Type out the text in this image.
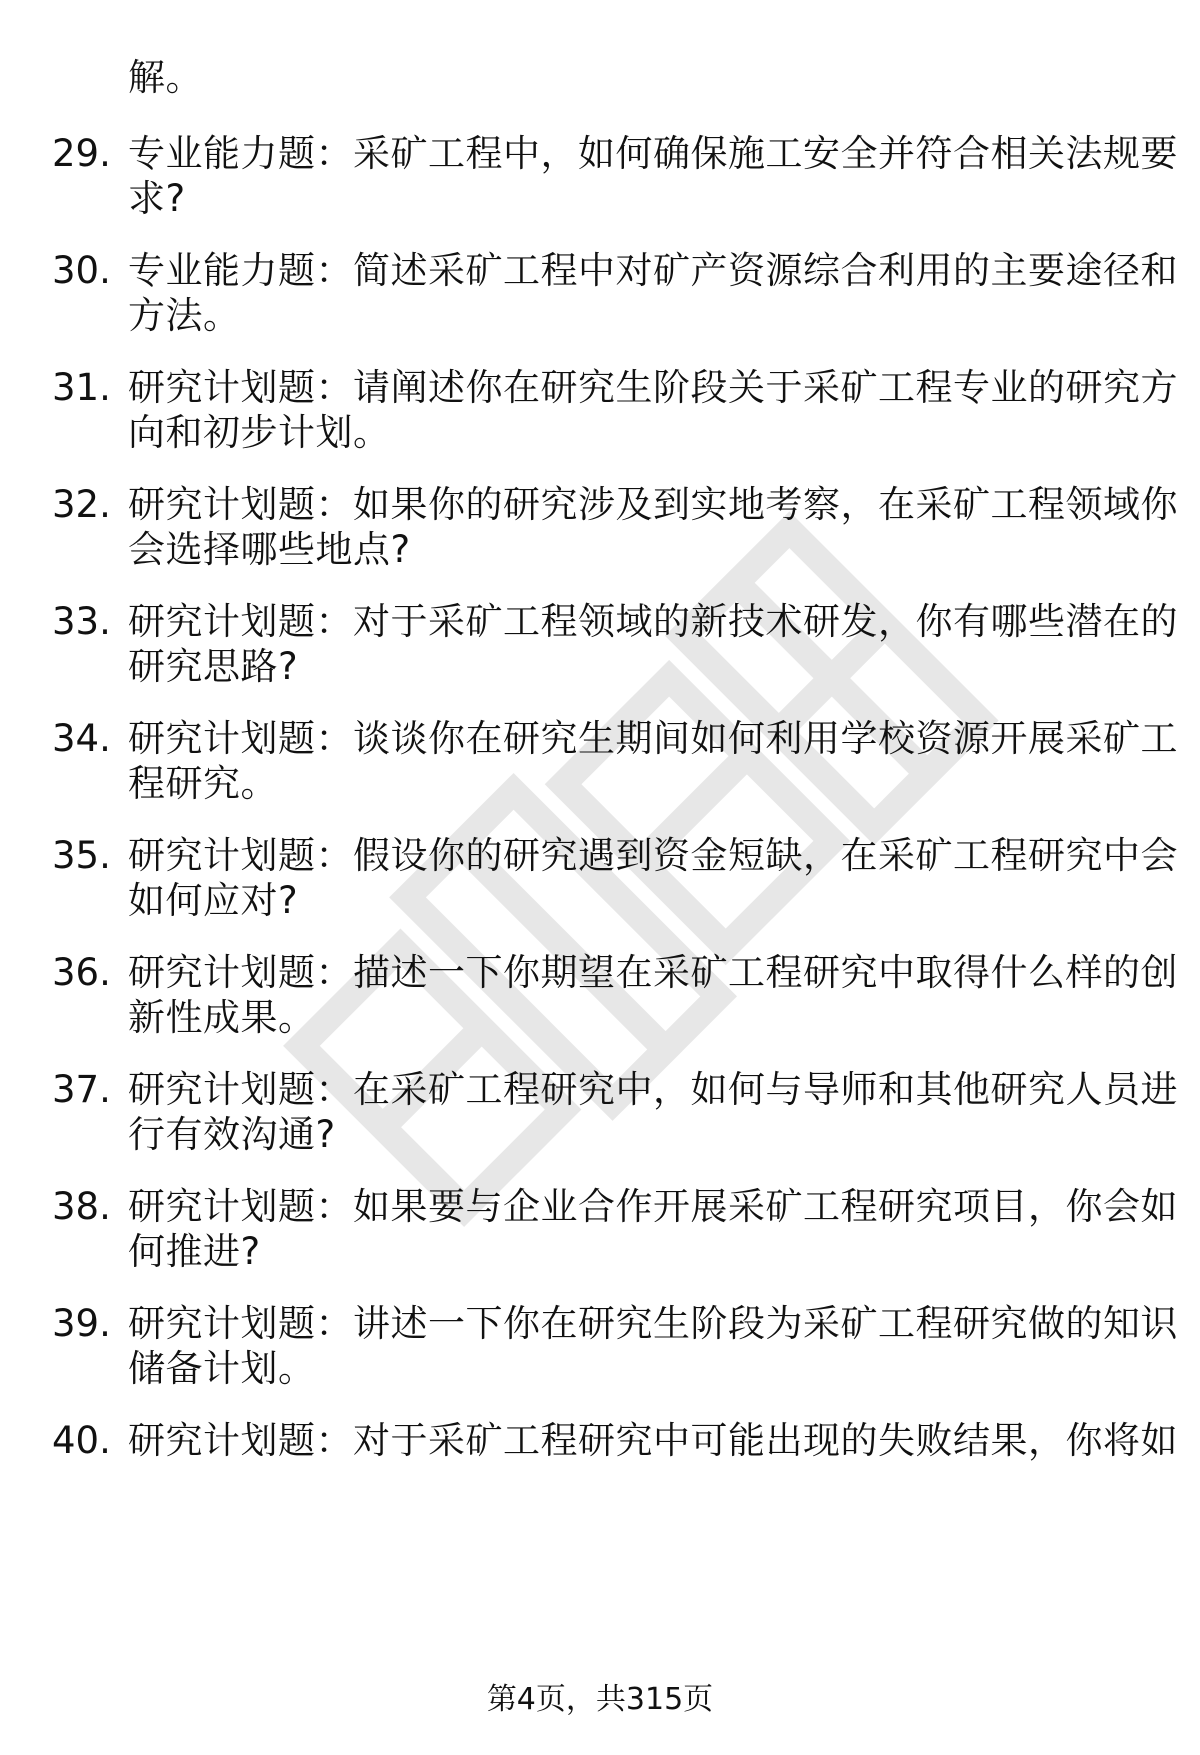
解。
29. 专业能力题：采矿工程中，如何确保施工安全并符合相关法规要
求?
30. 专业能力题：简述采矿工程中对矿产资源综合利用的主要途径和
方法。
31. 研究计划题：请阐述你在研究生阶段关于采矿工程专业的研究方
向和初步计划。
32. 研究计划题：如果你的研究涉及到实地考察，在采矿工程领域你
会选择哪些地点?
33. 研究计划题：对于采矿工程领域的新技术研发，你有哪些潜在的
研究思路?
34. 研究计划题：谈谈你在研究生期间如何利用学校资源开展采矿工
程研究。
35. 研究计划题：假设你的研究遇到资金短缺，在采矿工程研究中会
如何应对?
36. 研究计划题：描述一下你期望在采矿工程研究中取得什么样的创
新性成果。
37. 研究计划题：在采矿工程研究中，如何与导师和其他研究人员进
行有效沟通?
38. 研究计划题：如果要与企业合作开展采矿工程研究项目，你会如
何推进?
39. 研究计划题：讲述一下你在研究生阶段为采矿工程研究做的知识
储备计划。
40. 研究计划题：对于采矿工程研究中可能出现的失败结果，你将如
第4页，共315页
